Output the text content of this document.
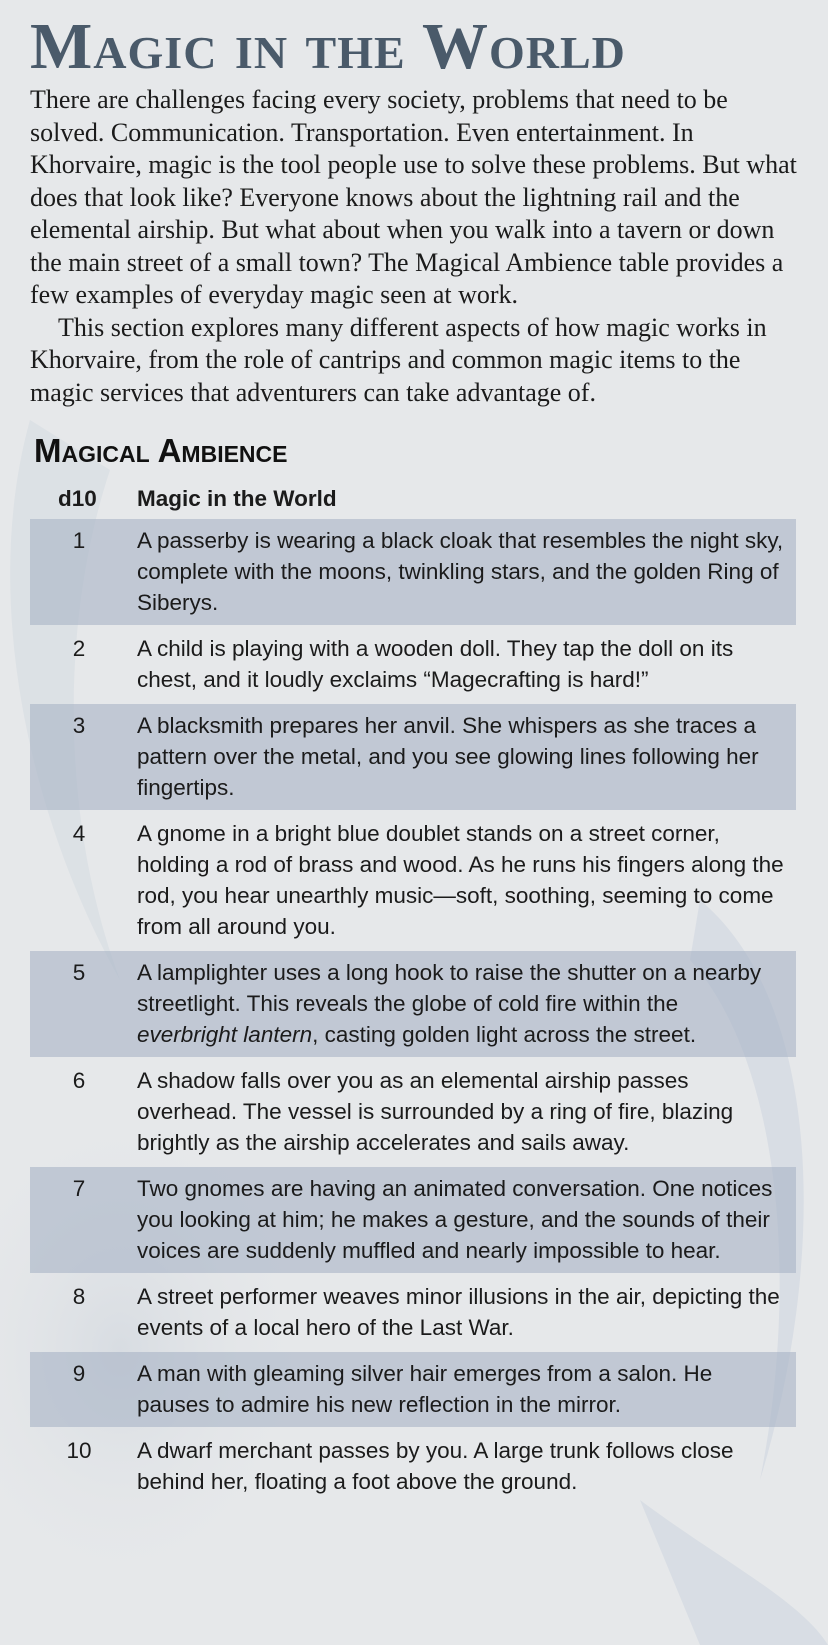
Magic in the World

There are challenges facing every society, problems that need to be solved. Communication. Transportation. Even entertainment. In Khorvaire, magic is the tool people use to solve these problems. But what does that look like? Everyone knows about the lightning rail and the elemental airship. But what about when you walk into a tavern or down the main street of a small town? The Magical Ambience table provides a few examples of everyday magic seen at work.

This section explores many different aspects of how magic works in Khorvaire, from the role of cantrips and common magic items to the magic services that adventurers can take advantage of.

Magical Ambience
d10	Magic in the World
1	A passerby is wearing a black cloak that resembles the night sky, complete with the moons, twinkling stars, and the golden Ring of Siberys.
2	A child is playing with a wooden doll. They tap the doll on its chest, and it loudly exclaims “Magecrafting is hard!”
3	A blacksmith prepares her anvil. She whispers as she traces a pattern over the metal, and you see glowing lines following her fingertips.
4	A gnome in a bright blue doublet stands on a street corner, holding a rod of brass and wood. As he runs his fingers along the rod, you hear unearthly music—soft, soothing, seeming to come from all around you.
5	A lamplighter uses a long hook to raise the shutter on a nearby streetlight. This reveals the globe of cold fire within the everbright lantern, casting golden light across the street.
6	A shadow falls over you as an elemental airship passes overhead. The vessel is surrounded by a ring of fire, blazing brightly as the airship accelerates and sails away.
7	Two gnomes are having an animated conversation. One notices you looking at him; he makes a gesture, and the sounds of their voices are suddenly muffled and nearly impossible to hear.
8	A street performer weaves minor illusions in the air, depicting the events of a local hero of the Last War.
9	A man with gleaming silver hair emerges from a salon. He pauses to admire his new reflection in the mirror.
10	A dwarf merchant passes by you. A large trunk follows close behind her, floating a foot above the ground.
